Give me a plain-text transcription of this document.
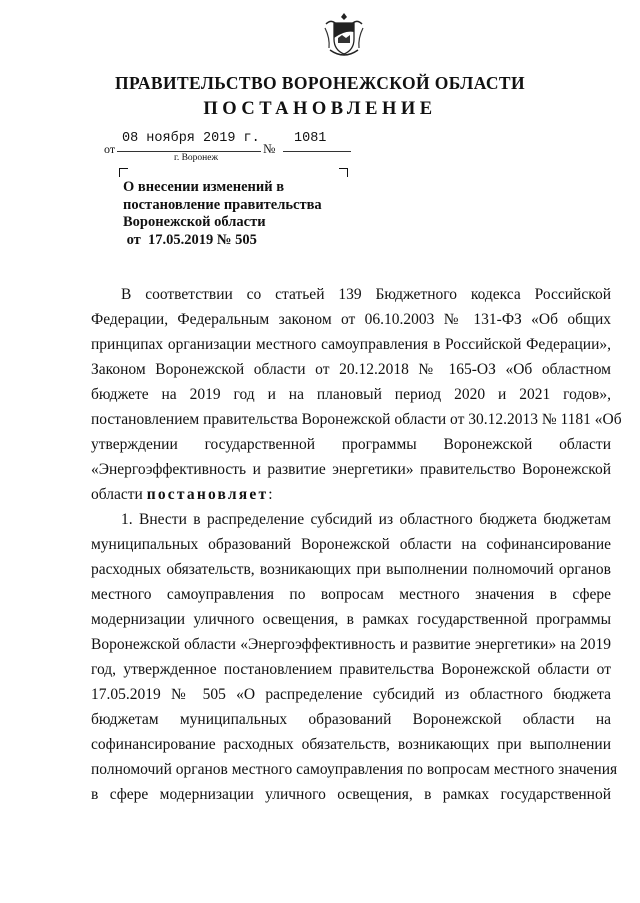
ПРАВИТЕЛЬСТВО ВОРОНЕЖСКОЙ ОБЛАСТИ
ПОСТАНОВЛЕНИЕ
от
08 ноября 2019 г.
№
1081
г. Воронеж
О внесении изменений в
постановление правительства
Воронежской области
от  17.05.2019 № 505
В соответствии со статьей 139 Бюджетного кодекса Российской
Федерации, Федеральным законом от 06.10.2003 № 131-ФЗ «Об общих
принципах организации местного самоуправления в Российской Федерации»,
Законом Воронежской области от 20.12.2018 № 165-ОЗ «Об областном
бюджете на 2019 год и на плановый период 2020 и 2021 годов»,
постановлением правительства Воронежской области от 30.12.2013 № 1181 «Об
утверждении государственной программы Воронежской области
«Энергоэффективность и развитие энергетики» правительство Воронежской
области постановляет:
1. Внести в распределение субсидий из областного бюджета бюджетам
муниципальных образований Воронежской области на софинансирование
расходных обязательств, возникающих при выполнении полномочий органов
местного самоуправления по вопросам местного значения в сфере
модернизации уличного освещения, в рамках государственной программы
Воронежской области «Энергоэффективность и развитие энергетики» на 2019
год, утвержденное постановлением правительства Воронежской области от
17.05.2019 № 505 «О распределение субсидий из областного бюджета
бюджетам муниципальных образований Воронежской области на
софинансирование расходных обязательств, возникающих при выполнении
полномочий органов местного самоуправления по вопросам местного значения
в сфере модернизации уличного освещения, в рамках государственной
